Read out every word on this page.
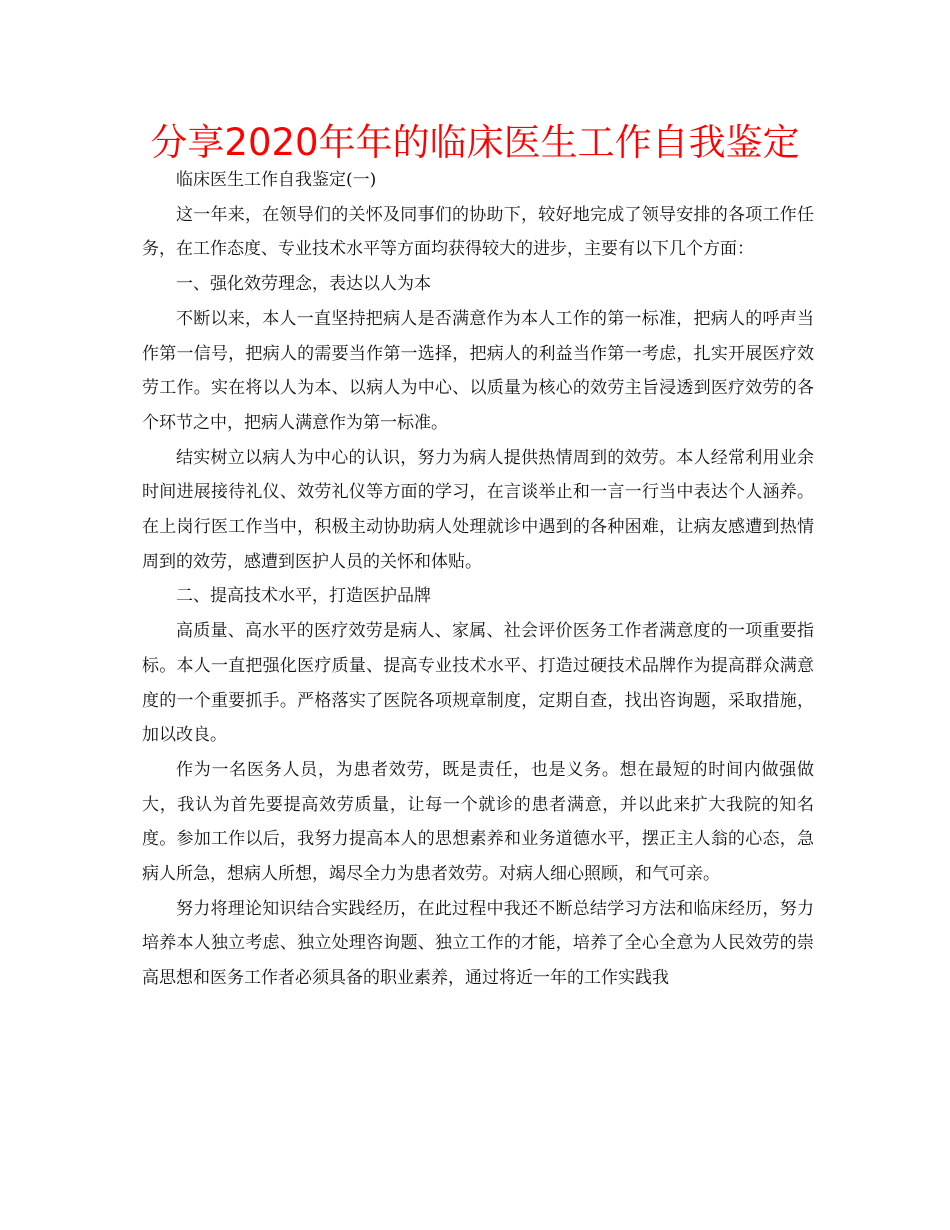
分享2020年年的临床医生工作自我鉴定

临床医生工作自我鉴定(一)

这一年来，在领导们的关怀及同事们的协助下，较好地完成了领导安排的各项工作任务，在工作态度、专业技术水平等方面均获得较大的进步，主要有以下几个方面：

一、强化效劳理念，表达以人为本

不断以来，本人一直坚持把病人是否满意作为本人工作的第一标准，把病人的呼声当作第一信号，把病人的需要当作第一选择，把病人的利益当作第一考虑，扎实开展医疗效劳工作。实在将以人为本、以病人为中心、以质量为核心的效劳主旨浸透到医疗效劳的各个环节之中，把病人满意作为第一标准。

结实树立以病人为中心的认识，努力为病人提供热情周到的效劳。本人经常利用业余时间进展接待礼仪、效劳礼仪等方面的学习，在言谈举止和一言一行当中表达个人涵养。在上岗行医工作当中，积极主动协助病人处理就诊中遇到的各种困难，让病友感遭到热情周到的效劳，感遭到医护人员的关怀和体贴。

二、提高技术水平，打造医护品牌

高质量、高水平的医疗效劳是病人、家属、社会评价医务工作者满意度的一项重要指标。本人一直把强化医疗质量、提高专业技术水平、打造过硬技术品牌作为提高群众满意度的一个重要抓手。严格落实了医院各项规章制度，定期自查，找出咨询题，采取措施，加以改良。

作为一名医务人员，为患者效劳，既是责任，也是义务。想在最短的时间内做强做大，我认为首先要提高效劳质量，让每一个就诊的患者满意，并以此来扩大我院的知名度。参加工作以后，我努力提高本人的思想素养和业务道德水平，摆正主人翁的心态，急病人所急，想病人所想，竭尽全力为患者效劳。对病人细心照顾，和气可亲。

努力将理论知识结合实践经历，在此过程中我还不断总结学习方法和临床经历，努力培养本人独立考虑、独立处理咨询题、独立工作的才能，培养了全心全意为人民效劳的崇高思想和医务工作者必须具备的职业素养，通过将近一年的工作实践我
